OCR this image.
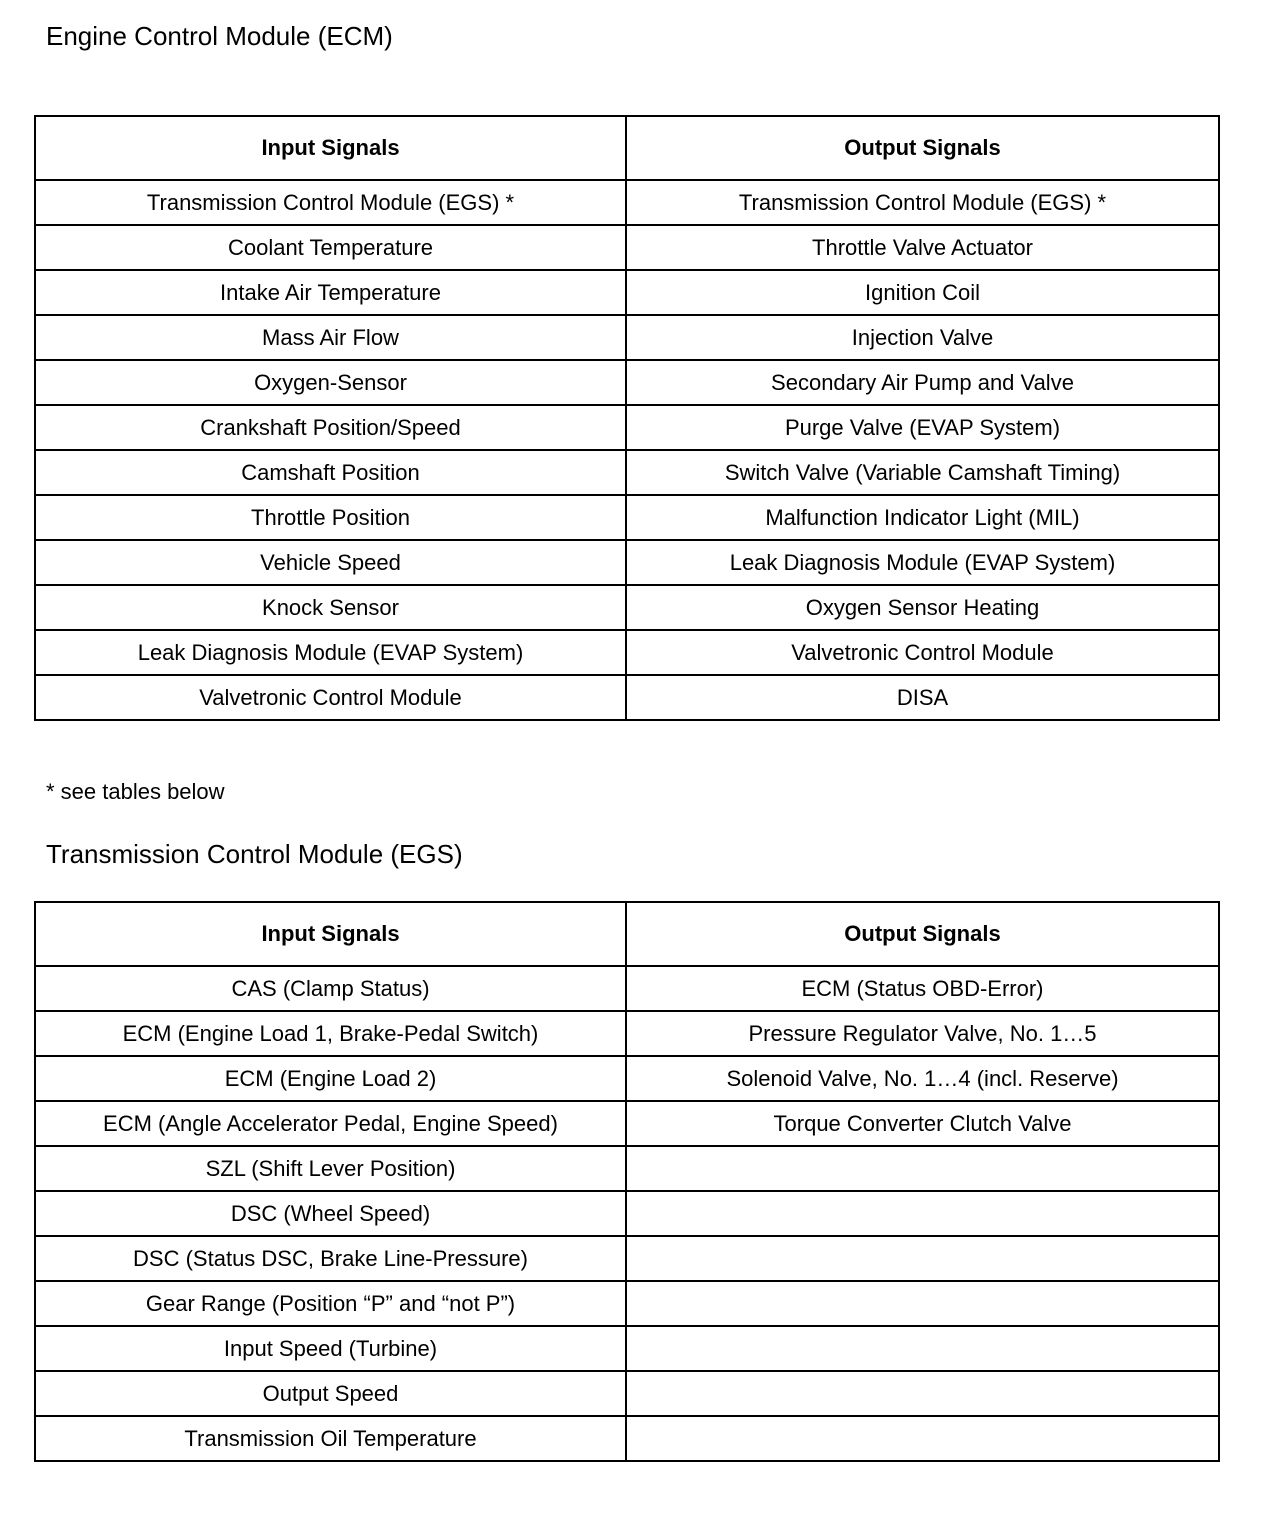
Engine Control Module (ECM)
Input Signals	Output Signals
Transmission Control Module (EGS) *	Transmission Control Module (EGS) *
Coolant Temperature	Throttle Valve Actuator
Intake Air Temperature	Ignition Coil
Mass Air Flow	Injection Valve
Oxygen-Sensor	Secondary Air Pump and Valve
Crankshaft Position/Speed	Purge Valve (EVAP System)
Camshaft Position	Switch Valve (Variable Camshaft Timing)
Throttle Position	Malfunction Indicator Light (MIL)
Vehicle Speed	Leak Diagnosis Module (EVAP System)
Knock Sensor	Oxygen Sensor Heating
Leak Diagnosis Module (EVAP System)	Valvetronic Control Module
Valvetronic Control Module	DISA
* see tables below
Transmission Control Module (EGS)
Input Signals	Output Signals
CAS (Clamp Status)	ECM (Status OBD-Error)
ECM (Engine Load 1, Brake-Pedal Switch)	Pressure Regulator Valve, No. 1…5
ECM (Engine Load 2)	Solenoid Valve, No. 1…4 (incl. Reserve)
ECM (Angle Accelerator Pedal, Engine Speed)	Torque Converter Clutch Valve
SZL (Shift Lever Position)	
DSC (Wheel Speed)	
DSC (Status DSC, Brake Line-Pressure)	
Gear Range (Position “P” and “not P”)	
Input Speed (Turbine)	
Output Speed	
Transmission Oil Temperature	
